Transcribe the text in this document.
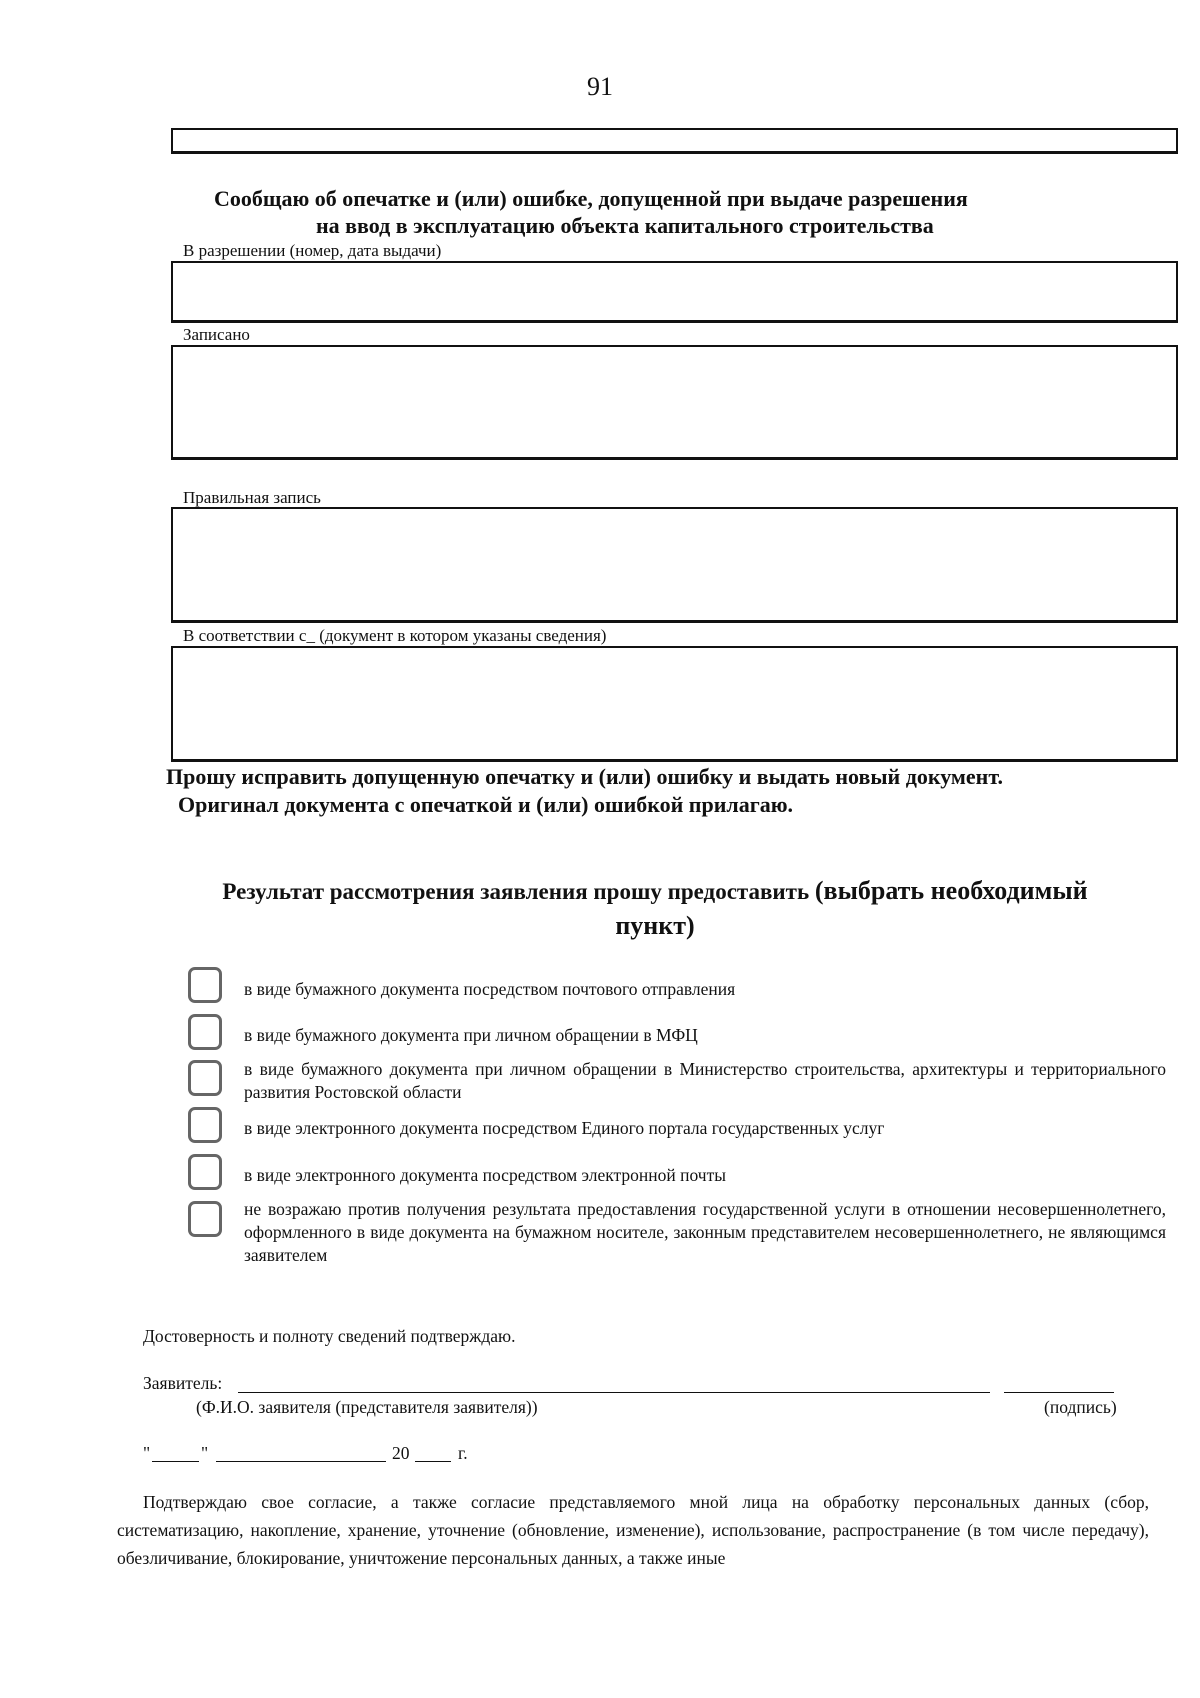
91
Сообщаю об опечатке и (или) ошибке, допущенной при выдаче разрешения
на ввод в эксплуатацию объекта капитального строительства
В разрешении (номер, дата выдачи)
Записано
Правильная запись
В соответствии с_ (документ в котором указаны сведения)
Прошу исправить допущенную опечатку и (или) ошибку и выдать новый документ.
Оригинал документа с опечаткой и (или) ошибкой прилагаю.
Результат рассмотрения заявления прошу предоставить (выбрать необходимый
пункт)
в виде бумажного документа посредством почтового отправления
в виде бумажного документа при личном обращении в МФЦ
в виде бумажного документа при личном обращении в Министерство строительства, архитектуры и территориального развития Ростовской области
в виде электронного документа посредством Единого портала государственных услуг
в виде электронного документа посредством электронной почты
не возражаю против получения результата предоставления государственной услуги в отношении несовершеннолетнего, оформленного в виде документа на бумажном носителе, законным представителем несовершеннолетнего, не являющимся заявителем
Достоверность и полноту сведений подтверждаю.
Заявитель:
(Ф.И.О. заявителя (представителя заявителя))	(подпись)
"	"	20	г.
Подтверждаю свое согласие, а также согласие представляемого мной лица на обработку персональных данных (сбор, систематизацию, накопление, хранение, уточнение (обновление, изменение), использование, распространение (в том числе передачу), обезличивание, блокирование, уничтожение персональных данных, а также иные
